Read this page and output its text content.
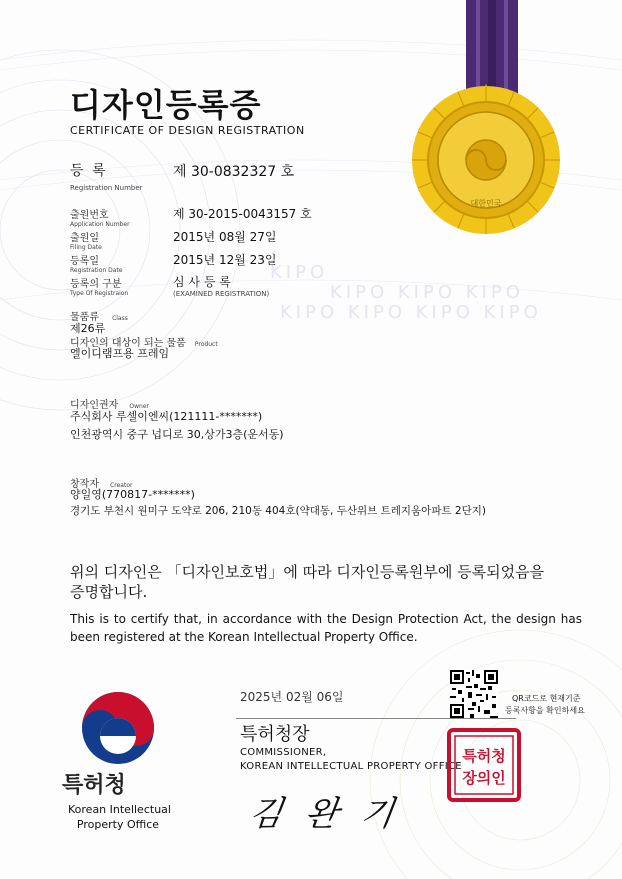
KIPO
KIPO KIPO KIPO
KIPO KIPO KIPO KIPO
대한민국
디자인등록증
CERTIFICATE OF DESIGN REGISTRATION
등 록
Registration Number
제 30-0832327 호
출원번호
Application Number
제 30-2015-0043157 호
출원일
Filing Date
2015년 08월 27일
등록일
Registration Date
2015년 12월 23일
등록의 구분
Type Of Registraion
심 사 등 록
(EXAMINED REGISTRATION)
물품류 Class
제26류
디자인의 대상이 되는 물품 Product
엘이디램프용 프레임
디자인권자 Owner
주식회사 루셀이엔씨(121111-*******)
인천광역시 중구 넙디로 30,상가3층(운서동)
창작자 Creator
양일영(770817-*******)
경기도 부천시 원미구 도약로 206, 210동 404호(약대동, 두산위브 트레지움아파트 2단지)
위의 디자인은 「디자인보호법」에 따라 디자인등록원부에 등록되었음을 증명합니다.
This is to certify that, in accordance with the Design Protection Act, the design has been registered at the Korean Intellectual Property Office.
2025년 02월 06일	QR코드로 현재기준
등록사항을 확인하세요
특허청장
COMMISSIONER,
KOREAN INTELLECTUAL PROPERTY OFFICE
김 완 기
특허청
장의인
특허청
Korean Intellectual
Property Office
